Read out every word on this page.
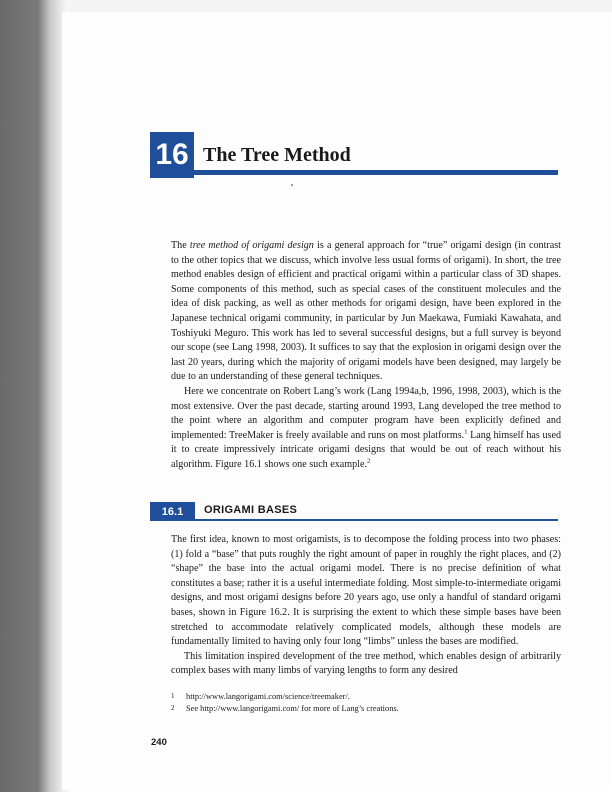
16 The Tree Method

The tree method of origami design is a general approach for “true” origami design (in contrast to the other topics that we discuss, which involve less usual forms of origami). In short, the tree method enables design of efficient and practical origami within a particular class of 3D shapes. Some components of this method, such as special cases of the constituent molecules and the idea of disk packing, as well as other methods for origami design, have been explored in the Japanese technical origami community, in particular by Jun Maekawa, Fumiaki Kawahata, and Toshiyuki Meguro. This work has led to several successful designs, but a full survey is beyond our scope (see Lang 1998, 2003). It suffices to say that the explosion in origami design over the last 20 years, during which the majority of origami models have been designed, may largely be due to an understanding of these general techniques.

Here we concentrate on Robert Lang’s work (Lang 1994a,b, 1996, 1998, 2003), which is the most extensive. Over the past decade, starting around 1993, Lang developed the tree method to the point where an algorithm and computer program have been explicitly defined and implemented: TreeMaker is freely available and runs on most platforms.$^1$ Lang himself has used it to create impressively intricate origami designs that would be out of reach without his algorithm. Figure 16.1 shows one such example.$^2$

16.1	ORIGAMI BASES

The first idea, known to most origamists, is to decompose the folding process into two phases: (1) fold a “base” that puts roughly the right amount of paper in roughly the right places, and (2) “shape” the base into the actual origami model. There is no precise definition of what constitutes a base; rather it is a useful intermediate folding. Most simple-to-intermediate origami designs, and most origami designs before 20 years ago, use only a handful of standard origami bases, shown in Figure 16.2. It is surprising the extent to which these simple bases have been stretched to accommodate relatively complicated models, although these models are fundamentally limited to having only four long “limbs” unless the bases are modified.

This limitation inspired development of the tree method, which enables design of arbitrarily complex bases with many limbs of varying lengths to form any desired

1	http://www.langorigami.com/science/treemaker/.
2	See http://www.langorigami.com/ for more of Lang’s creations.
240
